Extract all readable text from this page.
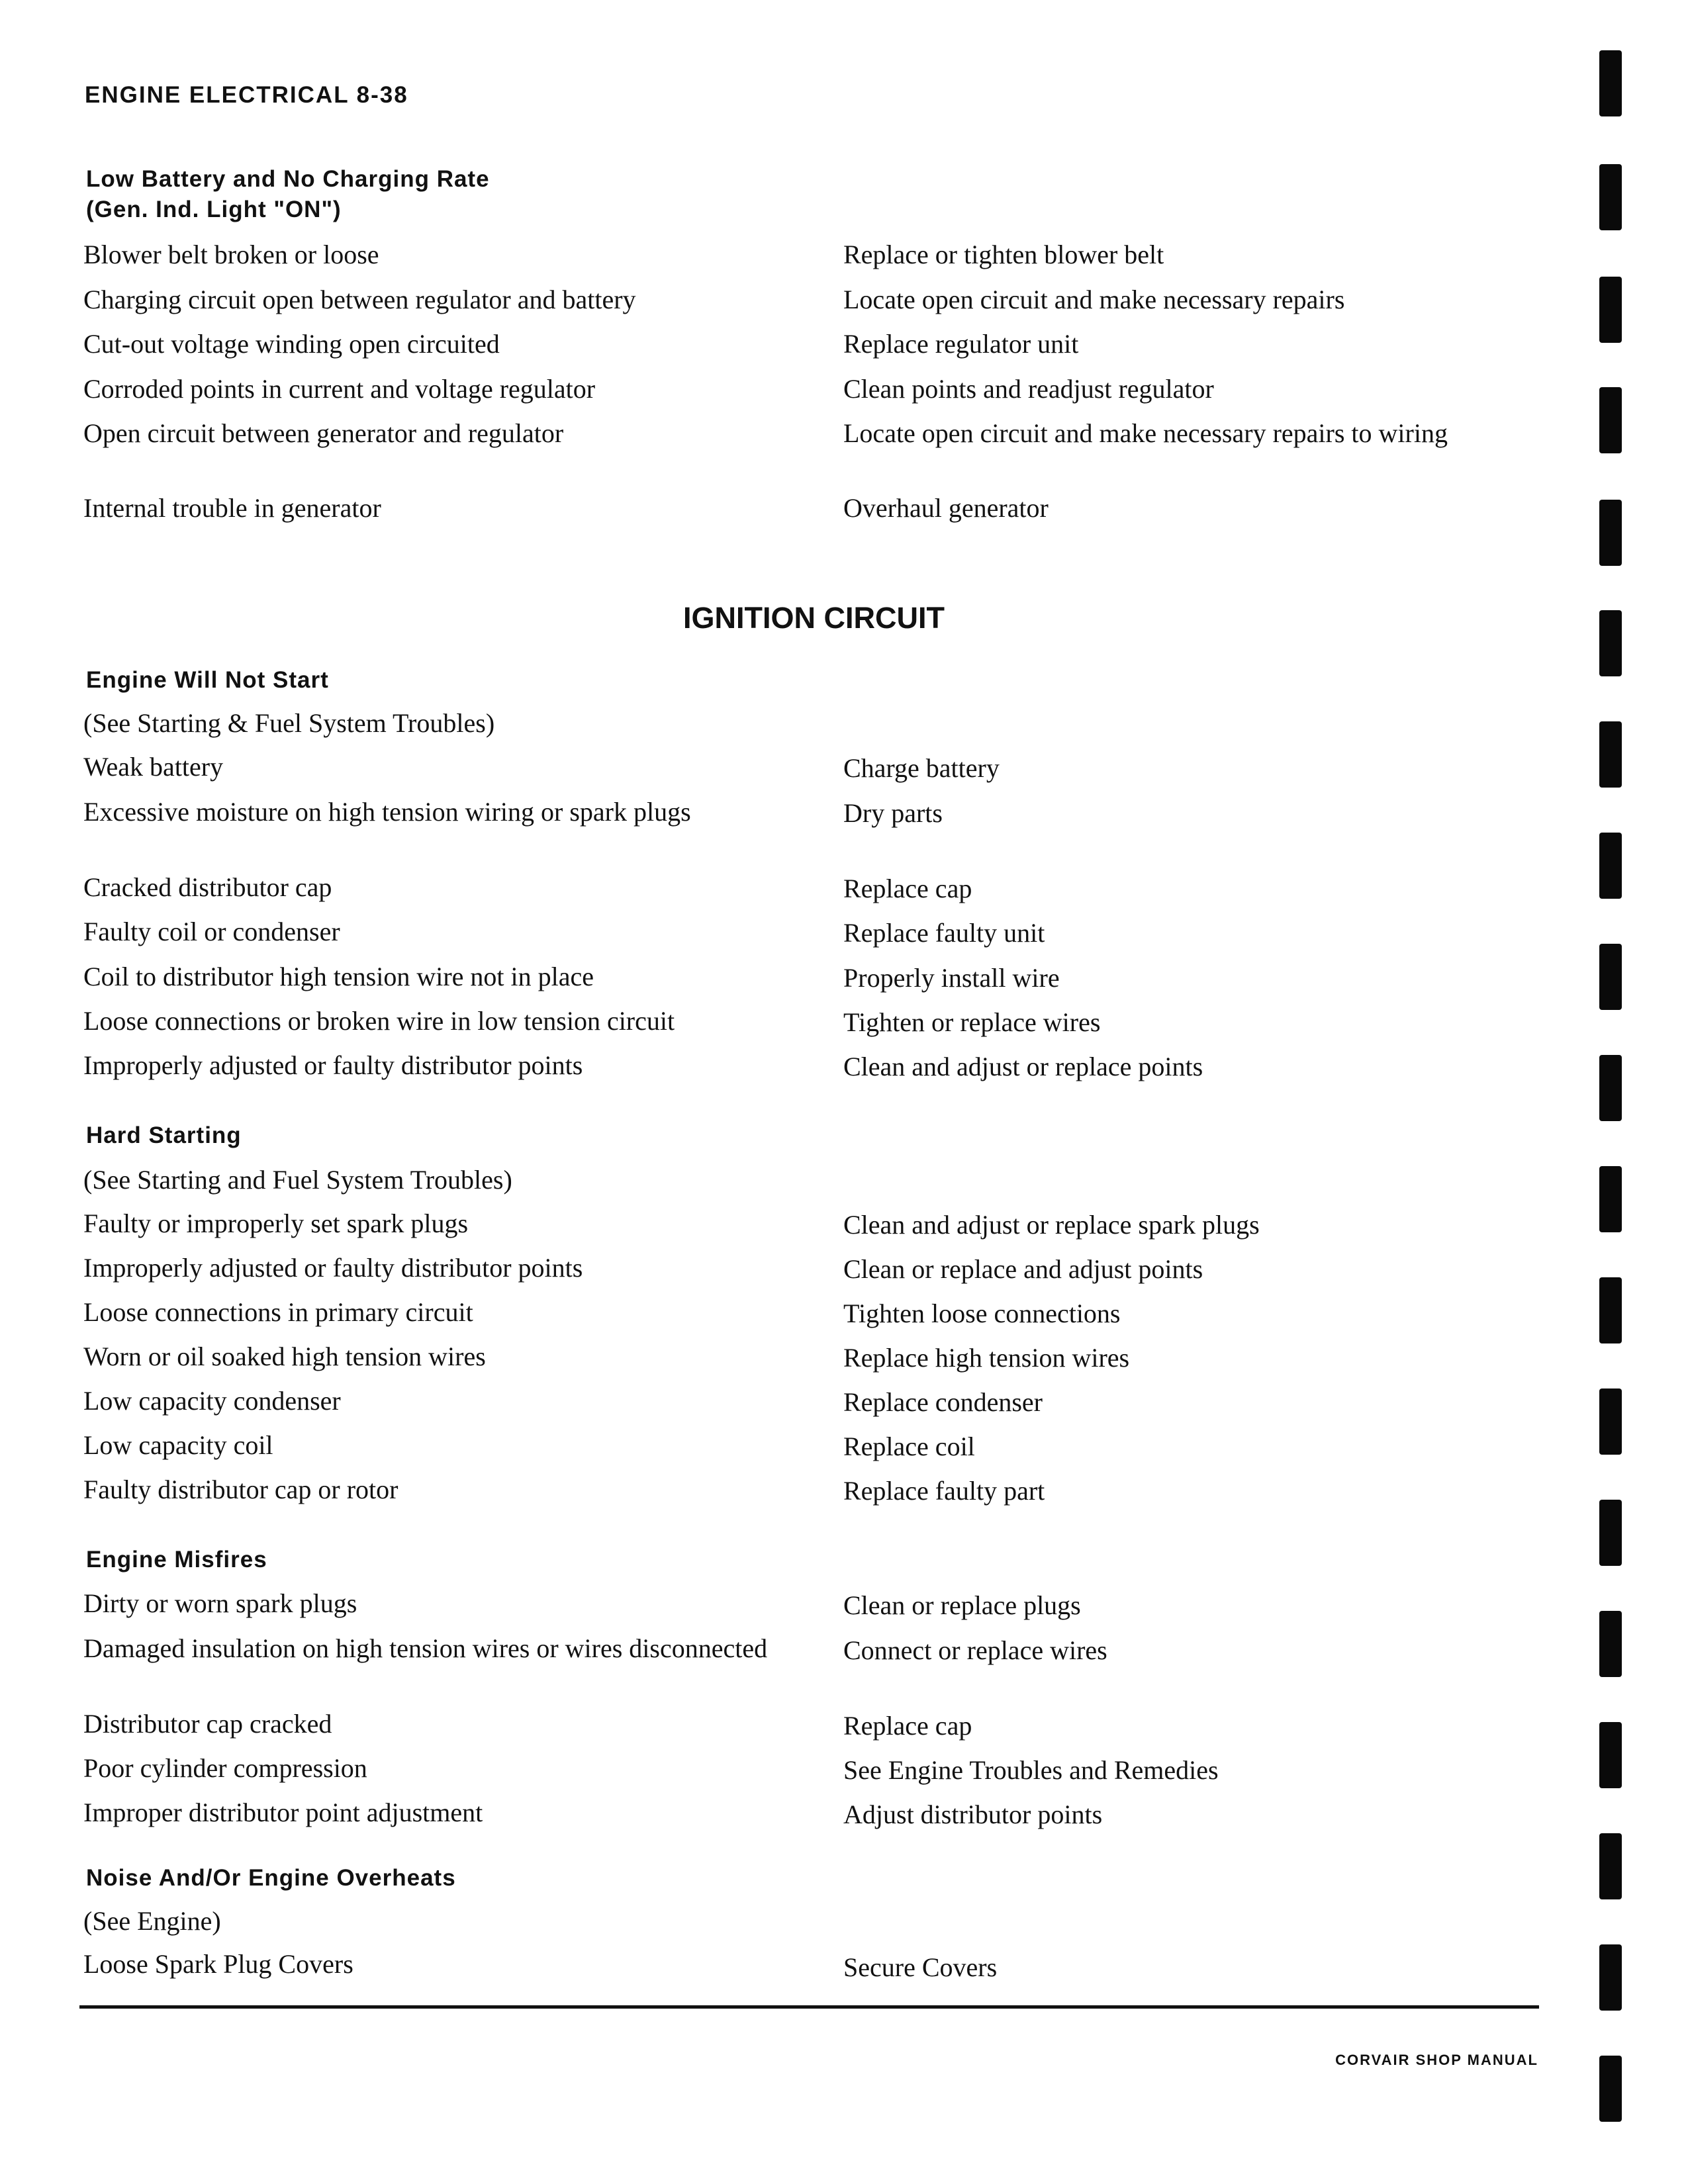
ENGINE ELECTRICAL 8-38
Low Battery and No Charging Rate
(Gen. Ind. Light "ON")
Blower belt broken or loose	Replace or tighten blower belt
Charging circuit open between regulator and battery	Locate open circuit and make necessary repairs
Cut-out voltage winding open circuited	Replace regulator unit
Corroded points in current and voltage regulator	Clean points and readjust regulator
Open circuit between generator and regulator	Locate open circuit and make necessary repairs to wiring
Internal trouble in generator	Overhaul generator
IGNITION CIRCUIT
Engine Will Not Start
(See Starting & Fuel System Troubles)
Weak battery	Charge battery
Excessive moisture on high tension wiring or spark plugs	Dry parts
Cracked distributor cap	Replace cap
Faulty coil or condenser	Replace faulty unit
Coil to distributor high tension wire not in place	Properly install wire
Loose connections or broken wire in low tension circuit	Tighten or replace wires
Improperly adjusted or faulty distributor points	Clean and adjust or replace points
Hard Starting
(See Starting and Fuel System Troubles)
Faulty or improperly set spark plugs	Clean and adjust or replace spark plugs
Improperly adjusted or faulty distributor points	Clean or replace and adjust points
Loose connections in primary circuit	Tighten loose connections
Worn or oil soaked high tension wires	Replace high tension wires
Low capacity condenser	Replace condenser
Low capacity coil	Replace coil
Faulty distributor cap or rotor	Replace faulty part
Engine Misfires
Dirty or worn spark plugs	Clean or replace plugs
Damaged insulation on high tension wires or wires disconnected	Connect or replace wires
Distributor cap cracked	Replace cap
Poor cylinder compression	See Engine Troubles and Remedies
Improper distributor point adjustment	Adjust distributor points
Noise And/Or Engine Overheats
(See Engine)
Loose Spark Plug Covers	Secure Covers
CORVAIR SHOP MANUAL
